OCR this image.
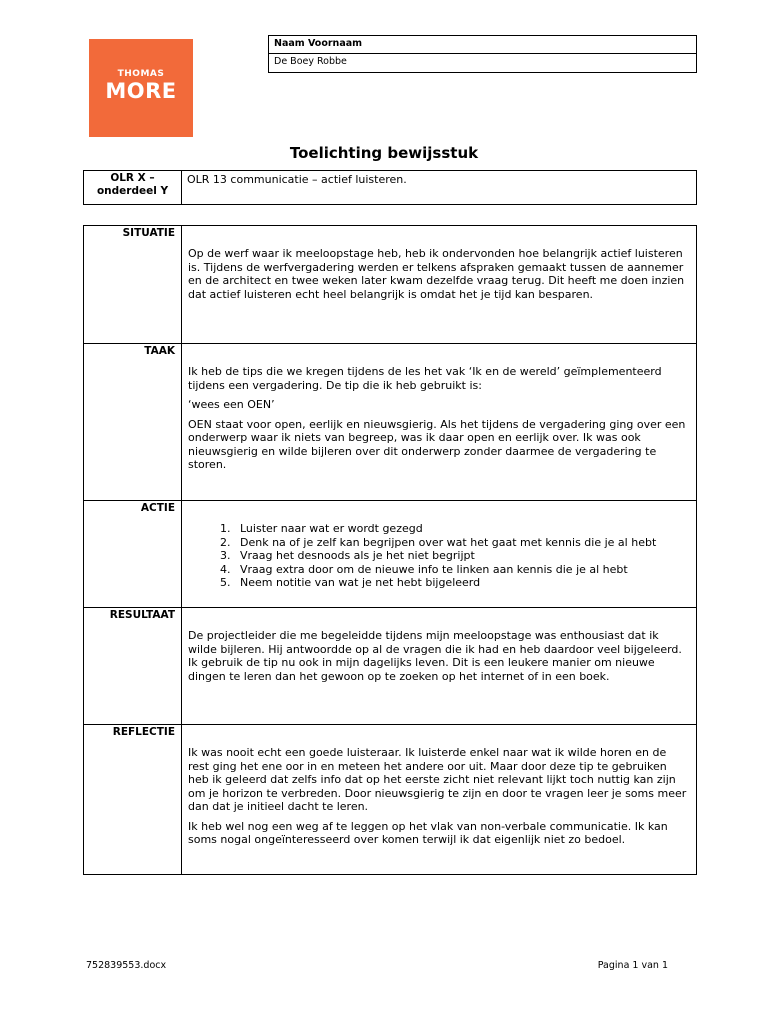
THOMAS
MORE
Naam Voornaam
De Boey Robbe
Toelichting bewijsstuk
OLR X – onderdeel Y
OLR 13 communicatie – actief luisteren.
SITUATIE

Op de werf waar ik meeloopstage heb, heb ik ondervonden hoe belangrijk actief luisteren is. Tijdens de werfvergadering werden er telkens afspraken gemaakt tussen de aannemer en de architect en twee weken later kwam dezelfde vraag terug. Dit heeft me doen inzien dat actief luisteren echt heel belangrijk is omdat het je tijd kan besparen.

TAAK

Ik heb de tips die we kregen tijdens de les het vak ‘Ik en de wereld’ geïmplementeerd tijdens een vergadering. De tip die ik heb gebruikt is:

‘wees een OEN’

OEN staat voor open, eerlijk en nieuwsgierig. Als het tijdens de vergadering ging over een onderwerp waar ik niets van begreep, was ik daar open en eerlijk over. Ik was ook nieuwsgierig en wilde bijleren over dit onderwerp zonder daarmee de vergadering te storen.

ACTIE
1. Luister naar wat er wordt gezegd
2. Denk na of je zelf kan begrijpen over wat het gaat met kennis die je al hebt
3. Vraag het desnoods als je het niet begrijpt
4. Vraag extra door om de nieuwe info te linken aan kennis die je al hebt
5. Neem notitie van wat je net hebt bijgeleerd
RESULTAAT

De projectleider die me begeleidde tijdens mijn meeloopstage was enthousiast dat ik wilde bijleren. Hij antwoordde op al de vragen die ik had en heb daardoor veel bijgeleerd. Ik gebruik de tip nu ook in mijn dagelijks leven. Dit is een leukere manier om nieuwe dingen te leren dan het gewoon op te zoeken op het internet of in een boek.

REFLECTIE

Ik was nooit echt een goede luisteraar. Ik luisterde enkel naar wat ik wilde horen en de rest ging het ene oor in en meteen het andere oor uit. Maar door deze tip te gebruiken heb ik geleerd dat zelfs info dat op het eerste zicht niet relevant lijkt toch nuttig kan zijn om je horizon te verbreden. Door nieuwsgierig te zijn en door te vragen leer je soms meer dan dat je initieel dacht te leren.

Ik heb wel nog een weg af te leggen op het vlak van non-verbale communicatie. Ik kan soms nogal ongeïnteresseerd over komen terwijl ik dat eigenlijk niet zo bedoel.

752839553.docx	Pagina 1 van 1
